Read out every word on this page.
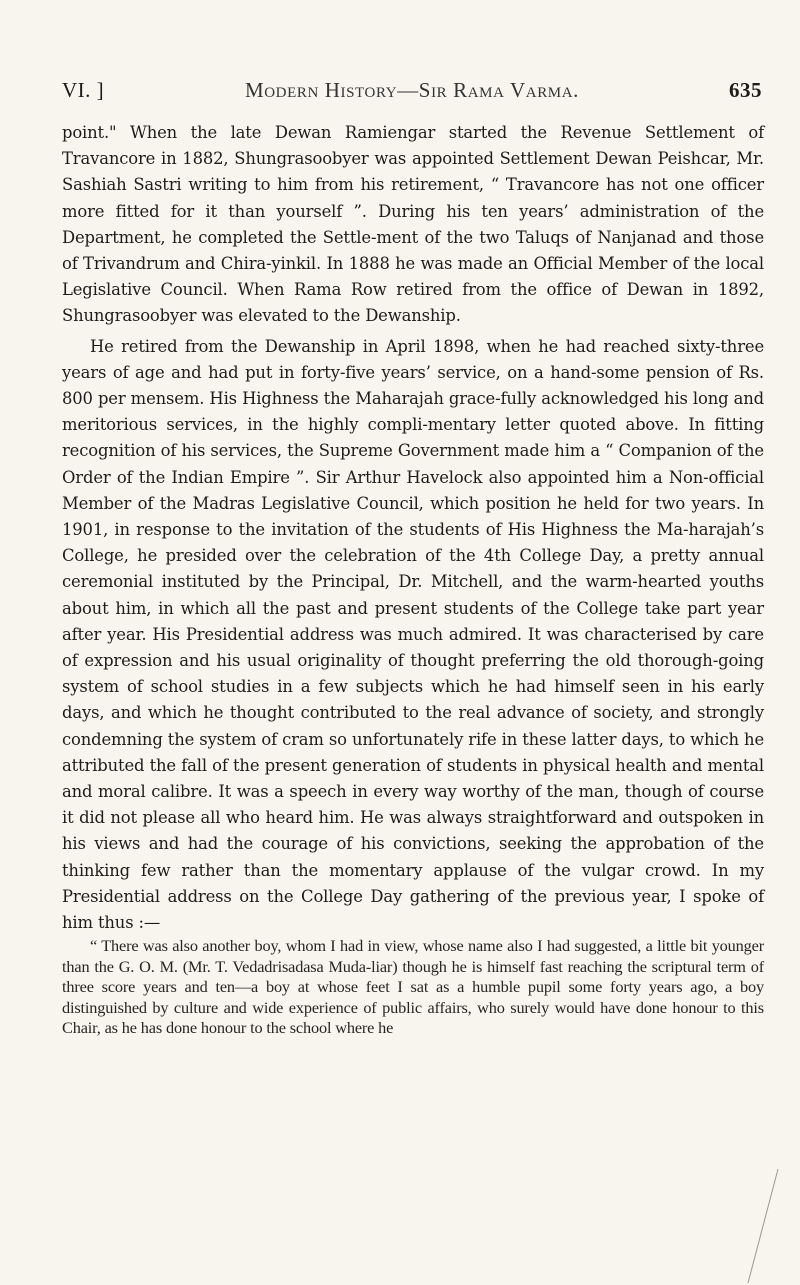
VI. ]	Modern History—Sir Rama Varma.	635

point." When the late Dewan Ramiengar started the Revenue Settlement of Travancore in 1882, Shungrasoobyer was appointed Settlement Dewan Peishcar, Mr. Sashiah Sastri writing to him from his retirement, “ Travancore has not one officer more fitted for it than yourself ”. During his ten years’ administration of the Department, he completed the Settle-ment of the two Taluqs of Nanjanad and those of Trivandrum and Chira-yinkil. In 1888 he was made an Official Member of the local Legislative Council. When Rama Row retired from the office of Dewan in 1892, Shungrasoobyer was elevated to the Dewanship.

He retired from the Dewanship in April 1898, when he had reached sixty-three years of age and had put in forty-five years’ service, on a hand-some pension of Rs. 800 per mensem. His Highness the Maharajah grace-fully acknowledged his long and meritorious services, in the highly compli-mentary letter quoted above. In fitting recognition of his services, the Supreme Government made him a “ Companion of the Order of the Indian Empire ”. Sir Arthur Havelock also appointed him a Non-official Member of the Madras Legislative Council, which position he held for two years. In 1901, in response to the invitation of the students of His Highness the Ma-harajah’s College, he presided over the celebration of the 4th College Day, a pretty annual ceremonial instituted by the Principal, Dr. Mitchell, and the warm-hearted youths about him, in which all the past and present students of the College take part year after year. His Presidential address was much admired. It was characterised by care of expression and his usual originality of thought preferring the old thorough-going system of school studies in a few subjects which he had himself seen in his early days, and which he thought contributed to the real advance of society, and strongly condemning the system of cram so unfortunately rife in these latter days, to which he attributed the fall of the present generation of students in physical health and mental and moral calibre. It was a speech in every way worthy of the man, though of course it did not please all who heard him. He was always straightforward and outspoken in his views and had the courage of his convictions, seeking the approbation of the thinking few rather than the momentary applause of the vulgar crowd. In my Presidential address on the College Day gathering of the previous year, I spoke of him thus :—

“ There was also another boy, whom I had in view, whose name also I had suggested, a little bit younger than the G. O. M. (Mr. T. Vedadrisadasa Muda-liar) though he is himself fast reaching the scriptural term of three score years and ten—a boy at whose feet I sat as a humble pupil some forty years ago, a boy distinguished by culture and wide experience of public affairs, who surely would have done honour to this Chair, as he has done honour to the school where he
